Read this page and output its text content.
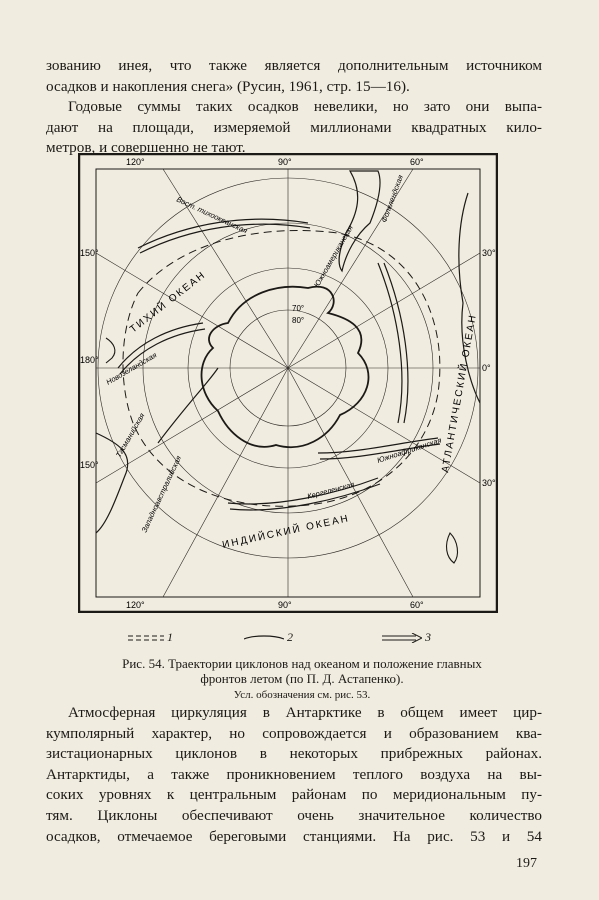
зованию инея, что также является дополнительным источником
осадков и накопления снега» (Русин, 1961, стр. 15—16).

Годовые суммы таких осадков невелики, но зато они выпа-
дают на площади, измеряемой миллионами квадратных кило-
метров, и совершенно не тают.

120°	90°	60°
30°
0°
30°
60°
90°
120°
150°
180°
150°
70°
80°
ТИХИЙ ОКЕАН
АТЛАНТИЧЕСКИЙ ОКЕАН
ИНДИЙСКИЙ ОКЕАН
Вост. тихоокеанская
Южноамериканская
Фолклендская
Новозеландская
Тасманийская
Западноавстралийская	Кергеленская
Южноафриканская
1	2	3
Рис. 54. Траектории циклонов над океаном и положение главных
фронтов летом (по П. Д. Астапенко).
Усл. обозначения см. рис. 53.

Атмосферная циркуляция в Антарктике в общем имеет цир-
кумполярный характер, но сопровождается и образованием ква-
зистационарных циклонов в некоторых прибрежных районах.
Антарктиды, а также проникновением теплого воздуха на вы-
соких уровнях к центральным районам по меридиональным пу-
тям. Циклоны обеспечивают очень значительное количество
осадков, отмечаемое береговыми станциями. На рис. 53 и 54

197
